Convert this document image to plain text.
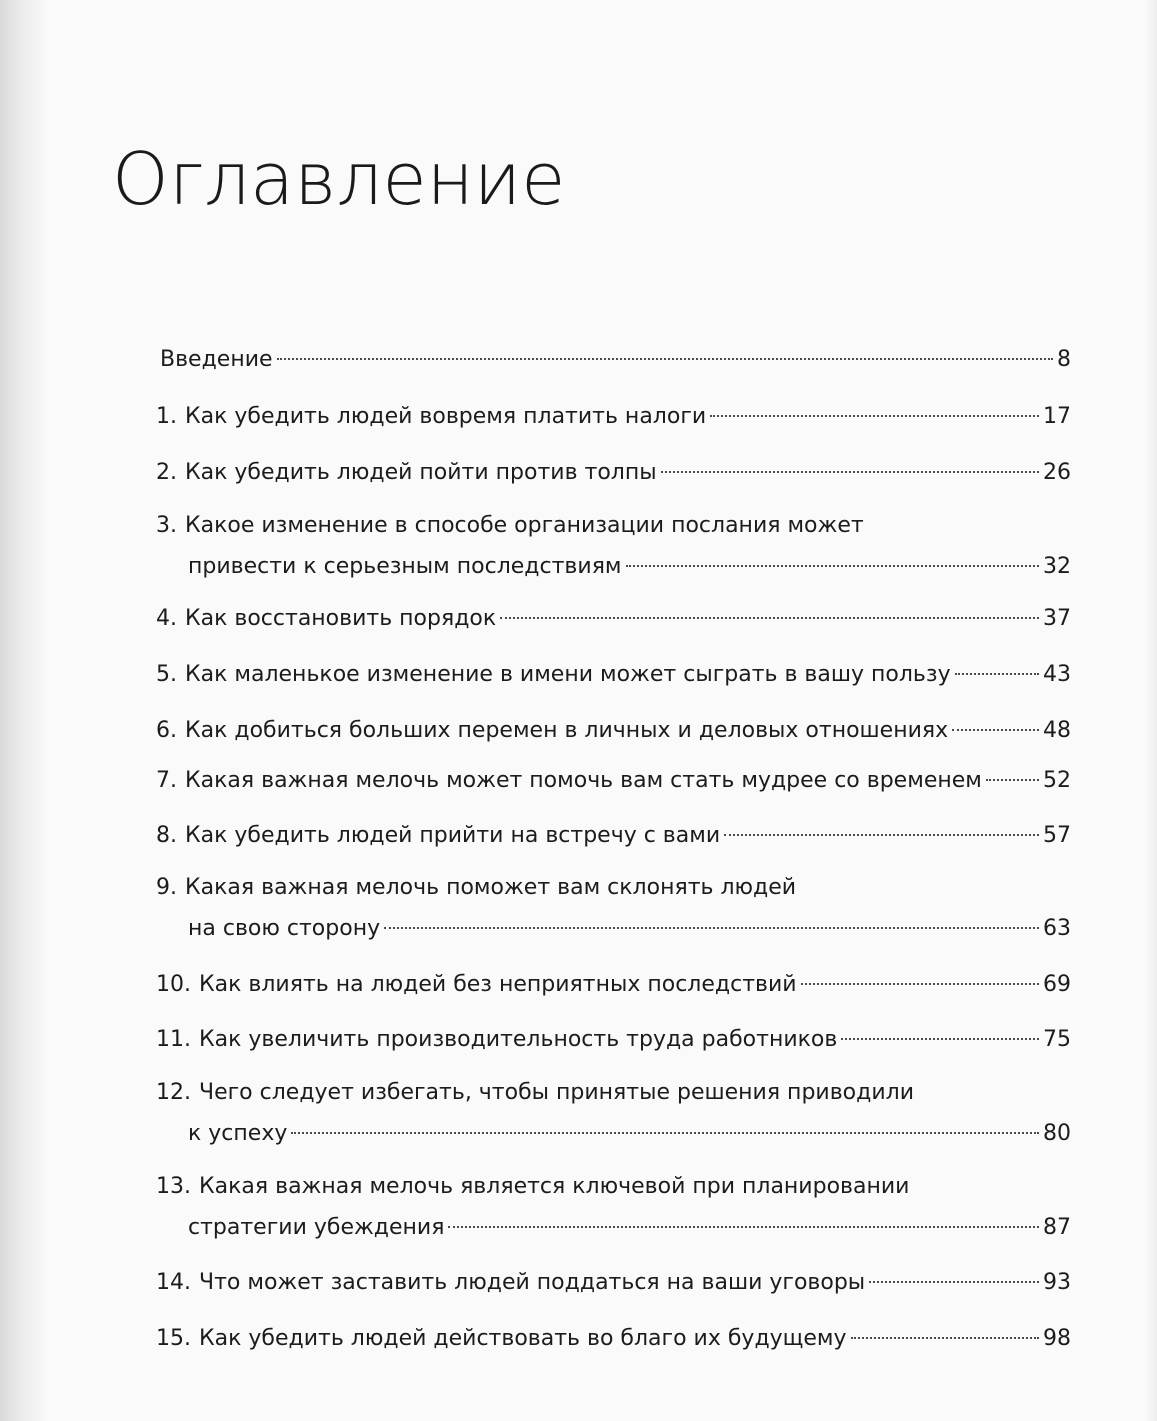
Оглавление
Введение	8
1. Как убедить людей вовремя платить налоги	17
2. Как убедить людей пойти против толпы	26
3. Какое изменение в способе организации послания может
привести к серьезным последствиям	32
4. Как восстановить порядок	37
5. Как маленькое изменение в имени может сыграть в вашу пользу	43
6. Как добиться больших перемен в личных и деловых отношениях	48
7. Какая важная мелочь может помочь вам стать мудрее со временем	52
8. Как убедить людей прийти на встречу с вами	57
9. Какая важная мелочь поможет вам склонять людей
на свою сторону	63
10. Как влиять на людей без неприятных последствий	69
11. Как увеличить производительность труда работников	75
12. Чего следует избегать, чтобы принятые решения приводили
к успеху	80
13. Какая важная мелочь является ключевой при планировании
стратегии убеждения	87
14. Что может заставить людей поддаться на ваши уговоры	93
15. Как убедить людей действовать во благо их будущему	98
